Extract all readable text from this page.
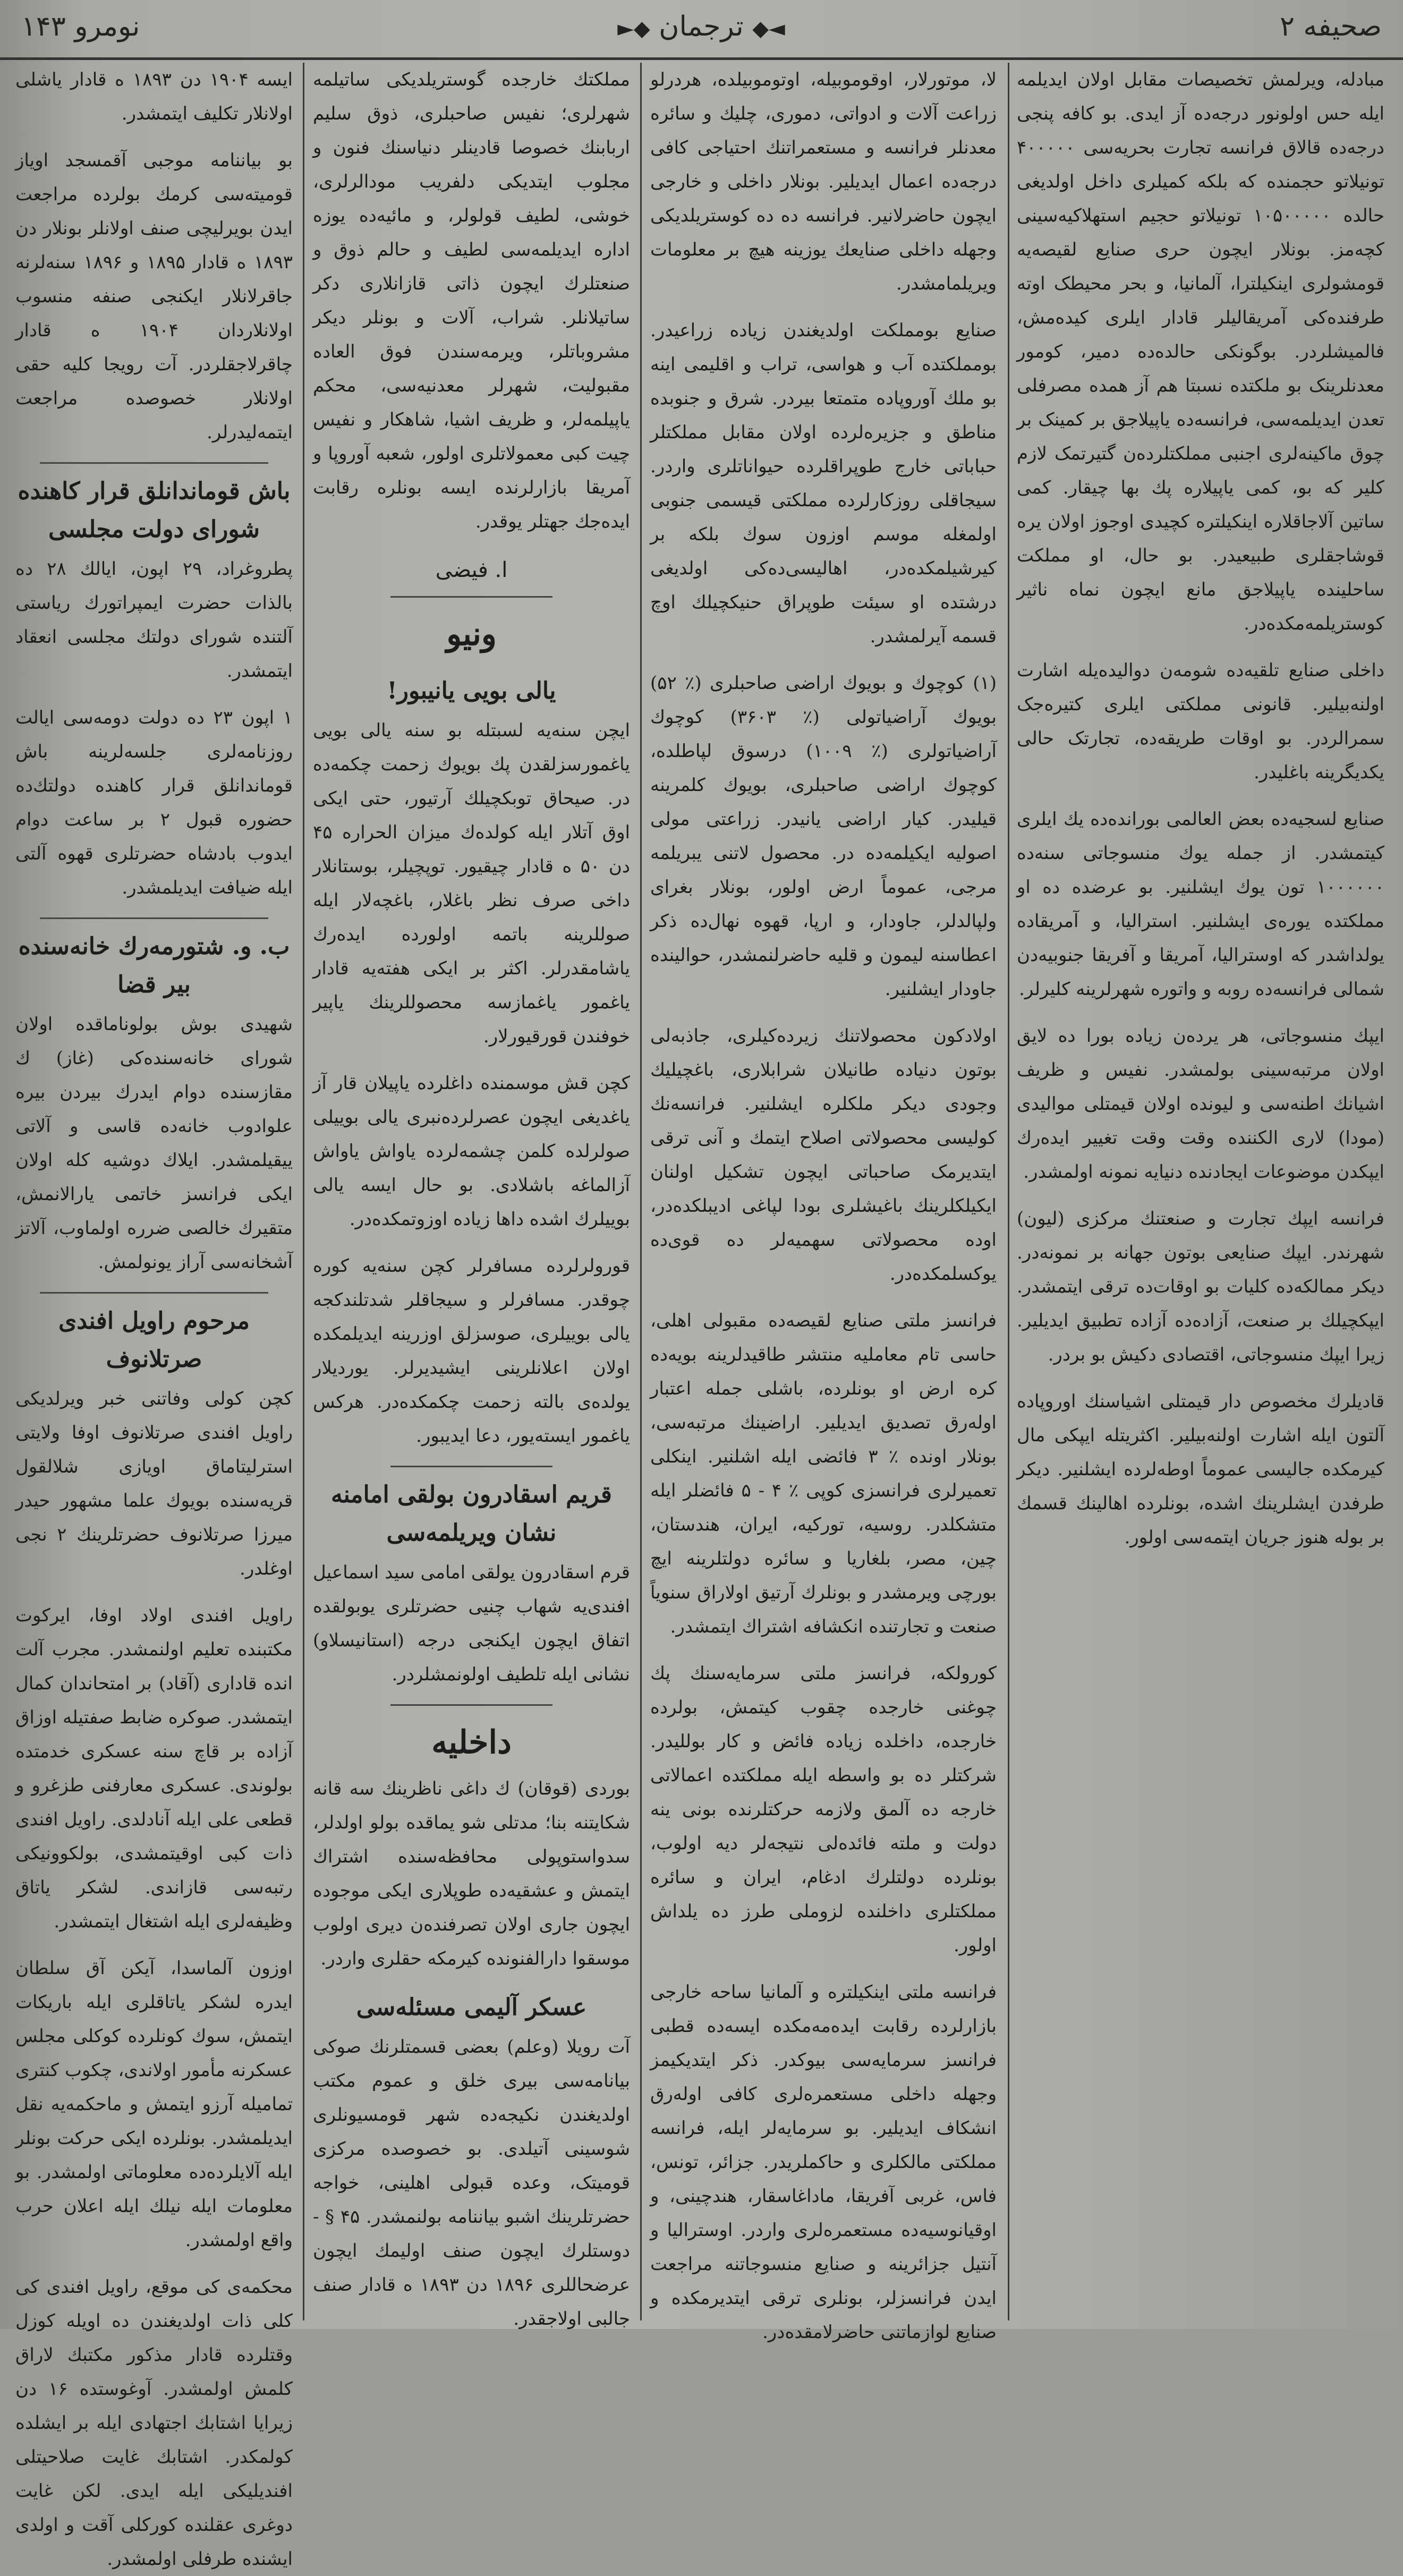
صحیفه ۲
◄◆ ترجمان ◆►
نومرو ۱۴۳

مبادله، ویرلمش تخصیصات مقابل اولان ایدیلمه ایله حس اولونور درجه‌ده آز ایدی. بو کافه پنجی درجه‌ده قالاق فرانسه تجارت بحریه‌سی ۴۰۰۰۰۰ تونیلاتو حجمنده که بلکه کمیلری داخل اولدیغی حالده ۱۰۵۰۰۰۰۰ تونیلاتو حجیم استهلاکیه‌سینی کچه‌مز. بونلار ایچون حری صنایع لقیصه‌یه قومشولری اینکیلترا، آلمانیا، و بحر محیطک اوته طرفنده‌کی آمریقالیلر قادار ایلری کیده‌مش، فالمیشلردر. بوگونکی حالده‌ده دمیر، کومور معدنلرینک بو ملکتده نسبتا هم آز همده مصرفلی تعدن ایدیلمه‌سی، فرانسه‌ده یاپیلاجق بر کمینک بر چوق ماکینه‌لری اجنبی مملکتلرده‌ن گتیرتمک لازم کلیر که بو، کمی یاپیلاره پك بها چیقار. کمی ساتین آلاجاقلاره اینکیلتره کچیدی اوجوز اولان یره قوشاجقلری طبیعیدر. بو حال، او مملکت ساحلینده یاپیلاجق مانع ایچون نماه ناثیر کوستریلمه‌مکده‌در.

داخلی صنایع تلقیه‌ده شومه‌ن دوالیده‌یله اشارت اولنه‌بیلیر. قانونی مملکتی ایلری کتیره‌جک سمرالردر. بو اوقات طریقه‌ده، تجارتک حالی یکدیگرینه باغلیدر.

صنایع لسجیه‌ده بعض العالمی بورانده‌ده یك ایلری کیتمشدر. از جمله یوك منسوجاتی سنه‌ده ۱۰۰۰۰۰۰ تون یوك ایشلنیر. بو عرضده ده او مملکتده یوره‌ی ایشلنیر. استرالیا، و آمریقاده یولداشدر که اوستراليا، آمریقا و آفریقا جنوبیه‌دن شمالی فرانسه‌ده روبه و واتوره شهرلرینه کلیرلر.

ایپك منسوجاتی، هر یرده‌ن زیاده بورا ده لایق اولان مرتبه‌سینی بولمشدر. نفیس و ظریف اشیانك اطنه‌سی و لیونده اولان قیمتلی موالیدی (مودا) لاری الکننده وقت وقت تغییر ایده‌رك ایپکدن موضوعات ایجادنده دنیایه نمونه اولمشدر.

فرانسه ایپك تجارت و صنعتنك مرکزی (لیون) شهرندر. ایپك صنایعی بوتون جهانه بر نمونه‌در. دیکر ممالکه‌ده کلیات بو اوقات‌ده ترقی ایتمشدر. ایپکچیلك بر صنعت، آزاده‌ده آزاده تطبیق ایدیلیر. زیرا ایپك منسوجاتی، اقتصادی دکیش بو بردر.

قادیلرك مخصوص دار قیمتلی اشیاسنك اوروپاده آلتون ایله اشارت اولنه‌بیلیر. اکثریتله ایپکی مال کیرمکده جالیسی عموماً اوطه‌لرده ایشلنیر. دیکر طرفدن ایشلرینك اشده، بونلرده اهالینك قسمك بر بوله هنوز جریان ایتمه‌سی اولور.

لا، موتورلار، اوقوموبیله، اوتوموبیلده، هردرلو زراعت آلات و ادواتی، دموری، چلیك و سائره معدنلر فرانسه و مستعمراتنك احتیاجی کافی درجه‌ده اعمال ایدیلیر. بونلار داخلی و خارجی ایچون حاضرلانیر. فرانسه ده ده کوستریلدیکی وجهله داخلی صنایعك یوزینه هیچ بر معلومات ویریلمامشدر.

صنایع بومملکت اولدیغندن زیاده زراعیدر. بومملکتده آب و هواسی، تراب و اقلیمی اینه بو ملك آوروپاده متمتعا بیردر. شرق و جنوبده مناطق و جزیره‌لرده اولان مقابل مملکتلر حباباتی خارج طوپراقلرده حیواناتلری واردر. سیجاقلی روزکارلرده مملکتی قیسمی جنوبی اولمغله موسم اوزون سوك بلکه بر کیرشیلمکده‌در، اهالیسی‌ده‌کی اولدیغی درشتده او سیئت طوپراق حنیکچیلك اوچ قسمه آیرلمشدر.

(۱) کوچوك و بویوك اراضی صاحبلری (٪ ۵۲) بویوك آراضیاتولی (٪ ۳۶۰۳) کوچوك آراضیاتولری (٪ ۱۰۰۹) درسوق لپاطلده، کوچوك اراضی صاحبلری، بویوك کلمرینه قیلیدر. کیار اراضی یانیدر. زراعتی مولی اصولیه ایکیلمه‌ده در. محصول لاتنی یبریلمه مرجی، عموماً ارض اولور، بونلار بغرای ولپالدلر، جاودار، و ارپا، قهوه نهال‌ده ذکر اعطاسنه لیمون و قلیه حاضرلنمشدر، حوالینده جاودار ایشلنیر.

اولادکون محصولاتنك زیرده‌کیلری، جاذبه‌لی بوتون دنیاده طانیلان شرابلاری، باغچیلیك وجودی دیکر ملکلره ایشلنیر. فرانسه‌نك کولیسی محصولاتی اصلاح ایتمك و آنی ترقی ایتدیرمک صاحباتی ایچون تشکیل اولنان ایکیلکلرینك باغیشلری بودا لپاغی ادیبلکده‌در، اوده محصولاتی سهمیه‌لر ده قوی‌ده یوکسلمکده‌در.

فرانسز ملتی صنایع لقیصه‌ده مقبولی اهلی، حاسی تام معاملیه منتشر طاقیدلرینه بویه‌ده کره ارض او بونلرده، باشلی جمله اعتبار اوله‌رق تصدیق ایدیلیر. اراضینك مرتبه‌سی، بونلار اونده ٪ ۳ فائضی ایله اشلنیر. اینکلی تعمیرلری فرانسزی کوپی ٪ ۴ - ۵ فائضلر ایله متشکلدر. روسیه، تورکیه، ایران، هندستان، چین، مصر، بلغاریا و سائره دولتلرینه ایچ بورچی ویرمشدر و بونلرك آرتیق اولاراق سنویاً صنعت و تجارتنده انکشافه اشتراك ایتمشدر.

کورولکه، فرانسز ملتی سرمایه‌سنك پك چوغنی خارجده چقوب کیتمش، بولرده خارجده، داخلده زیاده فائض و کار بوللیدر. شرکتلر ده بو واسطه ایله مملکتده اعمالاتی خارجه ده آلمق ولازمه حرکتلرنده بونی ینه دولت و ملته فائده‌لی نتیجه‌لر دیه اولوب، بونلرده دولتلرك ادغام، ایران و سائره مملکتلری داخلنده لزوملی طرز ده یلداش اولور.

فرانسه ملتی اینکیلتره و آلمانیا ساحه خارجی بازارلرده رقابت ایده‌مه‌مکده ایسه‌ده قطبی فرانسز سرمایه‌سی بیوکدر. ذکر ایتدیکیمز وجهله داخلی مستعمره‌لری کافی اوله‌رق انشکاف ایدیلیر. بو سرمایه‌لر ایله، فرانسه مملکتی مالکلری و حاکملریدر. جزائر، تونس، فاس، غربی آفریقا، ماداغاسقار، هندچینی، و اوقیانوسیه‌ده مستعمره‌لری واردر. اوسترالیا و آنتیل جزائرینه و صنایع منسوجاتنه مراجعت ایدن فرانسزلر، بونلری ترقی ایتدیرمکده و صنایع لوازماتنی حاضرلامقده‌در.

مملکتك خارجده گوستریلدیکی ساتیلمه شهرلری؛ نفیس صاحبلری، ذوق سلیم اربابنك خصوصا قادینلر دنیاسنك فنون و مجلوب ایتدیکی دلفریب مودالرلری، خوشی، لطیف قولولر، و مائیه‌ده یوزه اداره ایدیلمه‌سی لطیف و حالم ذوق و صنعتلرك ایچون ذاتی قازانلاری دکر ساتیلانلر. شراب، آلات و بونلر دیکر مشروباتلر، ویرمه‌سندن فوق العاده مقبولیت، شهرلر معدنیه‌سی، محکم یاپیلمه‌لر، و ظریف اشیا، شاهکار و نفیس چیت کبی معمولاتلری اولور، شعبه آوروپا و آمریقا بازارلرنده ایسه بونلره رقابت ایده‌جك جهتلر یوقدر.

ا. فیضی
ونیو
یالی بویی یانیبور!

ایچن سنه‌یه لسبتله بو سنه یالی بویی یاغمورسزلقدن پك بویوك زحمت چکمه‌ده در. صیحاق توبکچیلك آرتیور، حتی ایکی اوق آتلار ایله کولده‌ك میزان الحراره ۴۵ دن ۵۰ ه قادار چیقیور. توپچیلر، بوستانلار داخی صرف نظر باغلار، باغچه‌لار ایله صوللرینه باتمه اولور‌ده ایده‌رك یاشامقدرلر. اکثر بر ایکی هفته‌یه قادار یاغمور یاغمازسه محصوللرینك یاپیر خوفندن قورقیورلار.

کچن قش موسمنده داغلرده یاپیلان قار آز یاغدیغی ایچون عصرلرده‌نبری یالی بوییلی صولرلده کلمن چشمه‌لرده یاواش یاواش آزالماغه باشلادی. بو حال ایسه یالی بوییلرك اشده داها زیاده اوزوتمکده‌در.

قورولرلرده مسافرلر کچن سنه‌یه کوره چوقدر. مسافرلر و سیجاقلر شدتلندکجه یالی بوییلری، صوسزلق اوزرینه ایدیلمکده اولان اعلانلرینی ایشیدیرلر. یوردیلار یولده‌ی بالته زحمت چکمکده‌در. هرکس یاغمور ایسته‌یور، دعا ایدیبور.

قریم اسقادرون بولقی امامنه نشان ویریلمه‌سی

قرم اسقادرون یولقی امامی سید اسماعیل افندی‌یه شهاب چنیی حضرتلری یوبولقده اتفاق ایچون ایکنجی درجه (استانیسلاو) نشانی ایله تلطیف اولونمشلردر.

داخلیه

بوردی (قوقان) ك داغی ناظرینك سه قانه شکایتنه بنا؛ مدتلی شو یماقده بولو اولدلر، سدواستوپولی محافظه‌سنده اشتراك ایتمش و عشقیه‌ده طوپلاری ایکی موجوده ایچون جاری اولان تصرفنده‌ن دیری اولوب موسقوا دارالفنونده کیرمکه حقلری واردر.

عسکر آلیمی مسئله‌سی

آت رویلا (وعلم) بعضی قسمتلرنك صوکی بیانامه‌سی بیری خلق و عموم مکتب اولدیغندن نکیجه‌ده شهر قومسیونلری شوسینی آتیلدی. بو خصوصده مرکزی قومیتک، وعده قبولی اهلینی، خواجه حضرتلرینك اشبو بیاننامه بولنمشدر. ۴۵ § - دوستلرك ایچون صنف اولیمك ایچون عرضحاللری ۱۸۹۶ دن ۱۸۹۳ ه قادار صنف جالبی اولاجقدر.

ایسه ۱۹۰۴ دن ۱۸۹۳ ه قادار یاشلی اولانلار تکلیف ایتمشدر.

بو بیاننامه موجبی آقمسجد اویاز قومیته‌سی کرمك بولرده مراجعت ایدن بویرلیچی صنف اولانلر بونلار دن ۱۸۹۳ ه قادار ۱۸۹۵ و ۱۸۹۶ سنه‌لرنه جاقرلانلار ایکنجی صنفه منسوب اولانلاردان ۱۹۰۴ ه قادار چاقرلاجقلردر. آت رویجا کلیه حقی اولانلار خصوصده مراجعت ایتمه‌لیدرلر.

باش قوماندانلق قرار کاهنده شورای دولت مجلسی

پطروغراد، ۲۹ اپون، ایالك ۲۸ ده بالذات حضرت ایمپراتورك ریاستی آلتنده شورای دولتك مجلسی انعقاد ایتمشدر.

۱ اپون ۲۳ ده دولت دومه‌سی ایالت روزنامه‌لری جلسه‌لرینه باش قوماندانلق قرار کاهنده دولتك‌ده حضوره قبول ۲ بر ساعت دوام ایدوب بادشاه حضرتلری قهوه آلتی ایله ضیافت ایدیلمشدر.

ب. و. شتورمه‌رك خانه‌سنده بیر قضا

شهیدی بوش بولوناماقده اولان شورای خانه‌سنده‌کی (غاز) ك مقازسنده دوام ایدرك بیردن بیره علوادوب خانه‌ده قاسی و آلاتی ییقیلمشدر. ایلاك دوشیه کله اولان ایکی فرانسز خاتمی یارالانمش، متقیرك خالصی ضرره اولماوب، آلاتز آشخانه‌سی آراز یونولمش.

مرحوم راویل افندی صرتلانوف

کچن کولی وفاتنی خبر ویرلدیکی راویل افندی صرتلانوف اوفا ولایتی استرلیتاماق اویازی شلالقول قریه‌سنده بویوك علما مشهور حیدر میرزا صرتلانوف حضرتلرینك ۲ نجی اوغلدر.

راویل افندی اولاد اوفا، ایرکوت مکتبنده تعلیم اولنمشدر. مجرب آلت انده قاداری (آقاد) بر امتحاندان کمال ایتمشدر. صوکره ضابط صفتیله اوزاق آزاده بر قاچ سنه عسکری خدمتده بولوندی. عسکری معارفنی طزغرو و قطعی علی ایله آنادلدی. راویل افندی ذات کبی اوقیتمشدی، بولکوونیکی رتبه‌سی قازاندی. لشکر یاتاق وظیفه‌لری ایله اشتغال ایتمشدر.

اوزون آلماسدا، آیکن آق سلطان ایدره لشکر یاتاقلری ایله باریکات ایتمش، سوك کونلرده کوکلی مجلس عسکرنه مأمور اولاندی، چکوب کنتری تمامیله آرزو ایتمش و ماحکمه‌یه نقل ایدیلمشدر. بونلرده ایکی حرکت بونلر ایله آلایلرده‌ده معلوماتی اولمشدر. بو معلومات ایله نیلك ایله اعلان حرب واقع اولمشدر.

محکمه‌ی کی موقع، راویل افندی کی کلی ذات اولدیغندن ده اویله کوزل وقتلرده قادار مذکور مکتبك لاراق کلمش اولمشدر. آوغوستده ۱۶ دن زیرایا اشتابك اجتهادی ایله بر ایشلده کولمکدر. اشتابك غایت صلاحیتلی افندیلیکی ایله ایدی. لکن غایت دوغری عقلنده کورکلی آقت و اولدی ایشنده طرفلی اولمشدر.
